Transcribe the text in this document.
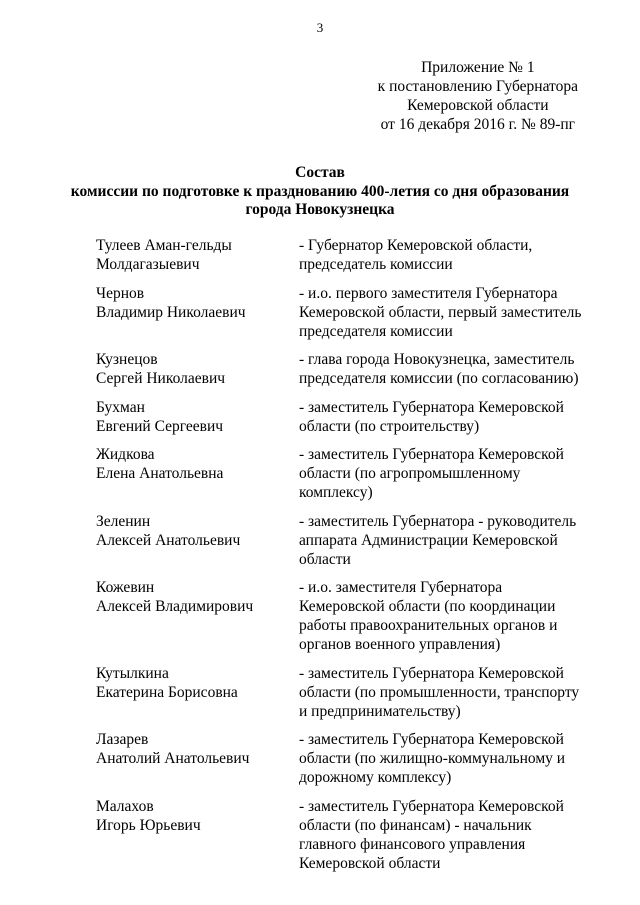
3
Приложение № 1
к постановлению Губернатора
Кемеровской области
от 16 декабря 2016 г. № 89-пг
Состав
комиссии по подготовке к празднованию 400-летия со дня образования
города Новокузнецка
Тулеев Аман-гельды
Молдагазыевич
- Губернатор Кемеровской области,
председатель комиссии
Чернов
Владимир Николаевич
- и.о. первого заместителя Губернатора
Кемеровской области, первый заместитель
председателя комиссии
Кузнецов
Сергей Николаевич
- глава города Новокузнецка, заместитель
председателя комиссии (по согласованию)
Бухман
Евгений Сергеевич
- заместитель Губернатора Кемеровской
области (по строительству)
Жидкова
Елена Анатольевна
- заместитель Губернатора Кемеровской
области (по агропромышленному
комплексу)
Зеленин
Алексей Анатольевич
- заместитель Губернатора - руководитель
аппарата Администрации Кемеровской
области
Кожевин
Алексей Владимирович
- и.о. заместителя Губернатора
Кемеровской области (по координации
работы правоохранительных органов и
органов военного управления)
Кутылкина
Екатерина Борисовна
- заместитель Губернатора Кемеровской
области (по промышленности, транспорту
и предпринимательству)
Лазарев
Анатолий Анатольевич
- заместитель Губернатора Кемеровской
области (по жилищно-коммунальному и
дорожному комплексу)
Малахов
Игорь Юрьевич
- заместитель Губернатора Кемеровской
области (по финансам) - начальник
главного финансового управления
Кемеровской области
